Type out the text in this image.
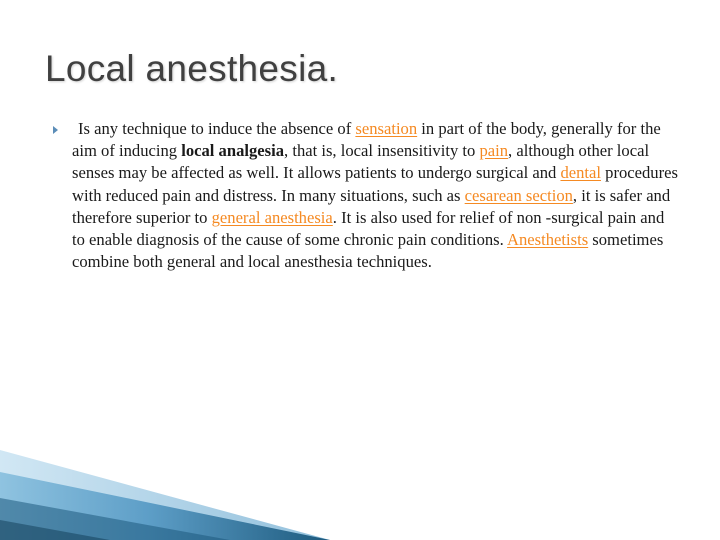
Local anesthesia.

Is any technique to induce the absence of sensation in part of the body, generally for the aim of inducing local analgesia, that is, local insensitivity to pain, although other local senses may be affected as well. It allows patients to undergo surgical and dental procedures with reduced pain and distress. In many situations, such as cesarean section, it is safer and therefore superior to general anesthesia. It is also used for relief of non -surgical pain and to enable diagnosis of the cause of some chronic pain conditions. Anesthetists sometimes combine both general and local anesthesia techniques.
